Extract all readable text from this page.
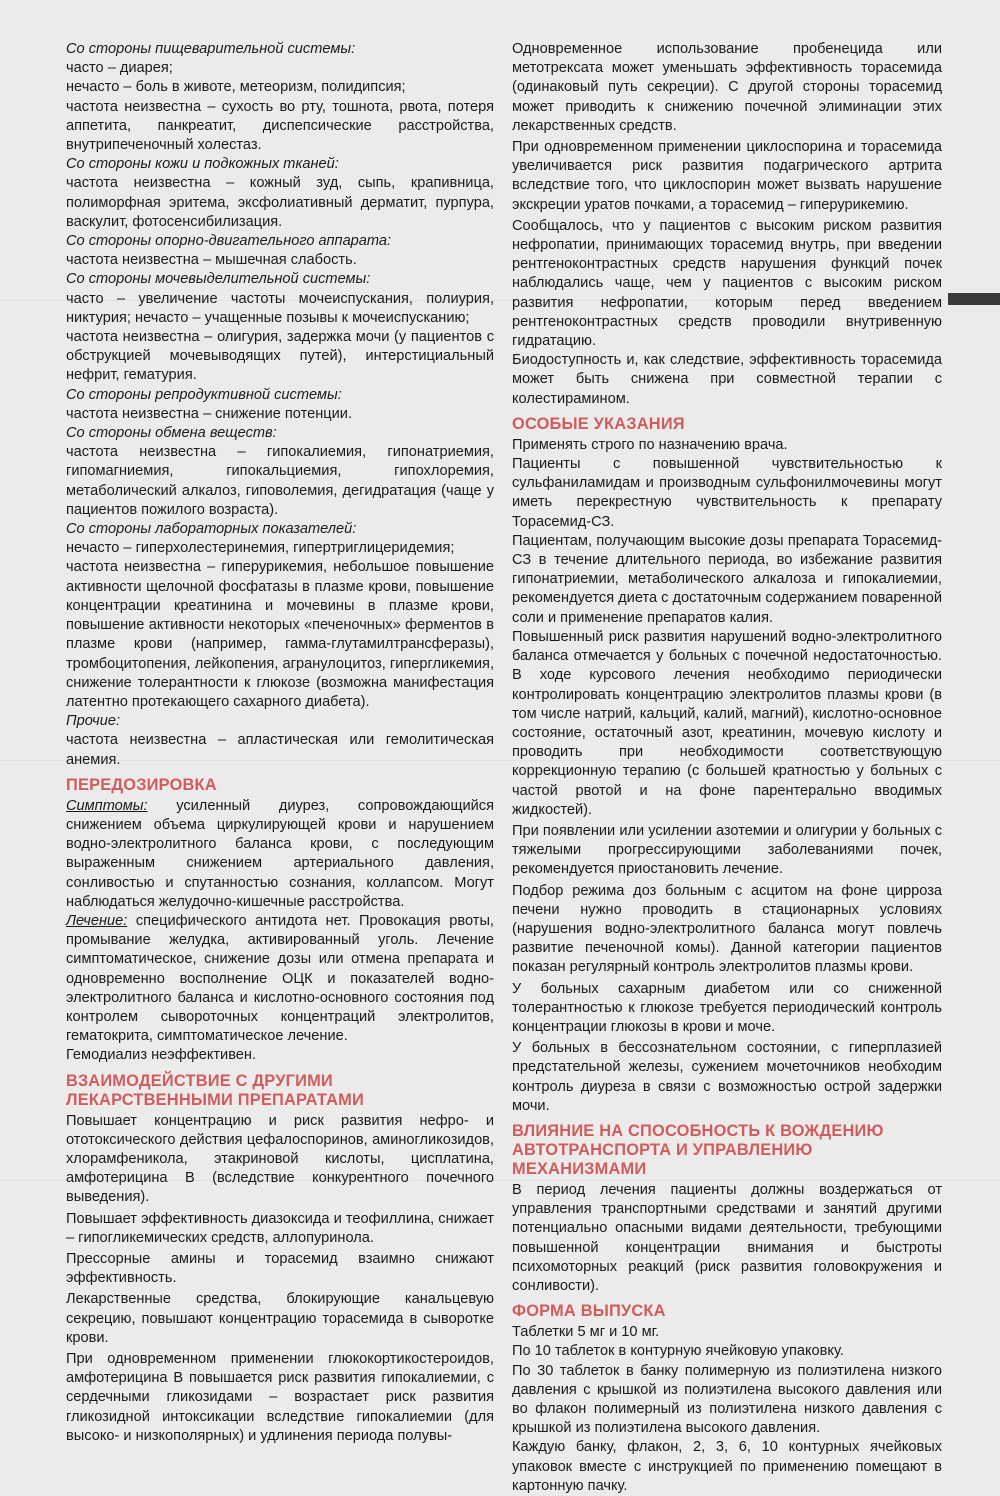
Со стороны пищеварительной системы:

часто – диарея;

нечасто – боль в животе, метеоризм, полидипсия;

частота неизвестна – сухость во рту, тошнота, рвота, потеря аппетита, панкреатит, диспепсические расстройства, внутрипеченочный холестаз.

Со стороны кожи и подкожных тканей:

частота неизвестна – кожный зуд, сыпь, крапивница, полиморфная эритема, эксфолиативный дерматит, пурпура, васкулит, фотосенсибилизация.

Со стороны опорно-двигательного аппарата:

частота неизвестна – мышечная слабость.

Со стороны мочевыделительной системы:

часто – увеличение частоты мочеиспускания, полиурия, никтурия; нечасто – учащенные позывы к мочеиспусканию;

частота неизвестна – олигурия, задержка мочи (у пациентов с обструкцией мочевыводящих путей), интерстициальный нефрит, гематурия.

Со стороны репродуктивной системы:

частота неизвестна – снижение потенции.

Со стороны обмена веществ:

частота неизвестна – гипокалиемия, гипонатриемия, гипомагниемия, гипокальциемия, гипохлоремия, метаболический алкалоз, гиповолемия, дегидратация (чаще у пациентов пожилого возраста).

Со стороны лабораторных показателей:

нечасто – гиперхолестеринемия, гипертриглицеридемия;

частота неизвестна – гиперурикемия, небольшое повышение активности щелочной фосфатазы в плазме крови, повышение концентрации креатинина и мочевины в плазме крови, повышение активности некоторых «печеночных» ферментов в плазме крови (например, гамма-глутамилтрансферазы), тромбоцитопения, лейкопения, агранулоцитоз, гипергликемия, снижение толерантности к глюкозе (возможна манифестация латентно протекающего сахарного диабета).

Прочие:

частота неизвестна – апластическая или гемолитическая анемия.

ПЕРЕДОЗИРОВКА

Симптомы: усиленный диурез, сопровождающийся снижением объема циркулирующей крови и нарушением водно-электролитного баланса крови, с последующим выраженным снижением артериального давления, сонливостью и спутанностью сознания, коллапсом. Могут наблюдаться желудочно-кишечные расстройства.

Лечение: специфического антидота нет. Провокация рвоты, промывание желудка, активированный уголь. Лечение симптоматическое, снижение дозы или отмена препарата и одновременно восполнение ОЦК и показателей водно-электролитного баланса и кислотно-основного состояния под контролем сывороточных концентраций электролитов, гематокрита, симптоматическое лечение.

Гемодиализ неэффективен.

ВЗАИМОДЕЙСТВИЕ С ДРУГИМИ
ЛЕКАРСТВЕННЫМИ ПРЕПАРАТАМИ

Повышает концентрацию и риск развития нефро- и ототоксического действия цефалоспоринов, аминогликозидов, хлорамфеникола, этакриновой кислоты, цисплатина, амфотерицина В (вследствие конкурентного почечного выведения).

Повышает эффективность диазоксида и теофиллина, снижает – гипогликемических средств, аллопуринола.

Прессорные амины и торасемид взаимно снижают эффективность.

Лекарственные средства, блокирующие канальцевую секрецию, повышают концентрацию торасемида в сыворотке крови.

При одновременном применении глюкокортикостероидов, амфотерицина В повышается риск развития гипокалиемии, с сердечными гликозидами – возрастает риск развития гликозидной интоксикации вследствие гипокалиемии (для высоко- и низкополярных) и удлинения периода полувы-

Одновременное использование пробенецида или метотрексата может уменьшать эффективность торасемида (одинаковый путь секреции). С другой стороны торасемид может приводить к снижению почечной элиминации этих лекарственных средств.

При одновременном применении циклоспорина и торасемида увеличивается риск развития подагрического артрита вследствие того, что циклоспорин может вызвать нарушение экскреции уратов почками, а торасемид – гиперурикемию.

Сообщалось, что у пациентов с высоким риском развития нефропатии, принимающих торасемид внутрь, при введении рентгеноконтрастных средств нарушения функций почек наблюдались чаще, чем у пациентов с высоким риском развития нефропатии, которым перед введением рентгеноконтрастных средств проводили внутривенную гидратацию.

Биодоступность и, как следствие, эффективность торасемида может быть снижена при совместной терапии с колестирамином.

ОСОБЫЕ УКАЗАНИЯ

Применять строго по назначению врача.

Пациенты с повышенной чувствительностью к сульфаниламидам и производным сульфонилмочевины могут иметь перекрестную чувствительность к препарату Торасемид-СЗ.

Пациентам, получающим высокие дозы препарата Торасемид-СЗ в течение длительного периода, во избежание развития гипонатриемии, метаболического алкалоза и гипокалиемии, рекомендуется диета с достаточным содержанием поваренной соли и применение препаратов калия.

Повышенный риск развития нарушений водно-электролитного баланса отмечается у больных с почечной недостаточностью. В ходе курсового лечения необходимо периодически контролировать концентрацию электролитов плазмы крови (в том числе натрий, кальций, калий, магний), кислотно-основное состояние, остаточный азот, креатинин, мочевую кислоту и проводить при необходимости соответствующую коррекционную терапию (с большей кратностью у больных с частой рвотой и на фоне парентерально вводимых жидкостей).

При появлении или усилении азотемии и олигурии у больных с тяжелыми прогрессирующими заболеваниями почек, рекомендуется приостановить лечение.

Подбор режима доз больным с асцитом на фоне цирроза печени нужно проводить в стационарных условиях (нарушения водно-электролитного баланса могут повлечь развитие печеночной комы). Данной категории пациентов показан регулярный контроль электролитов плазмы крови.

У больных сахарным диабетом или со сниженной толерантностью к глюкозе требуется периодический контроль концентрации глюкозы в крови и моче.

У больных в бессознательном состоянии, с гиперплазией предстательной железы, сужением мочеточников необходим контроль диуреза в связи с возможностью острой задержки мочи.

ВЛИЯНИЕ НА СПОСОБНОСТЬ К ВОЖДЕНИЮ
АВТОТРАНСПОРТА И УПРАВЛЕНИЮ
МЕХАНИЗМАМИ

В период лечения пациенты должны воздержаться от управления транспортными средствами и занятий другими потенциально опасными видами деятельности, требующими повышенной концентрации внимания и быстроты психомоторных реакций (риск развития головокружения и сонливости).

ФОРМА ВЫПУСКА

Таблетки 5 мг и 10 мг.

По 10 таблеток в контурную ячейковую упаковку.

По 30 таблеток в банку полимерную из полиэтилена низкого давления с крышкой из полиэтилена высокого давления или во флакон полимерный из полиэтилена низкого давления с крышкой из полиэтилена высокого давления.

Каждую банку, флакон, 2, 3, 6, 10 контурных ячейковых упаковок вместе с инструкцией по применению помещают в картонную пачку.
